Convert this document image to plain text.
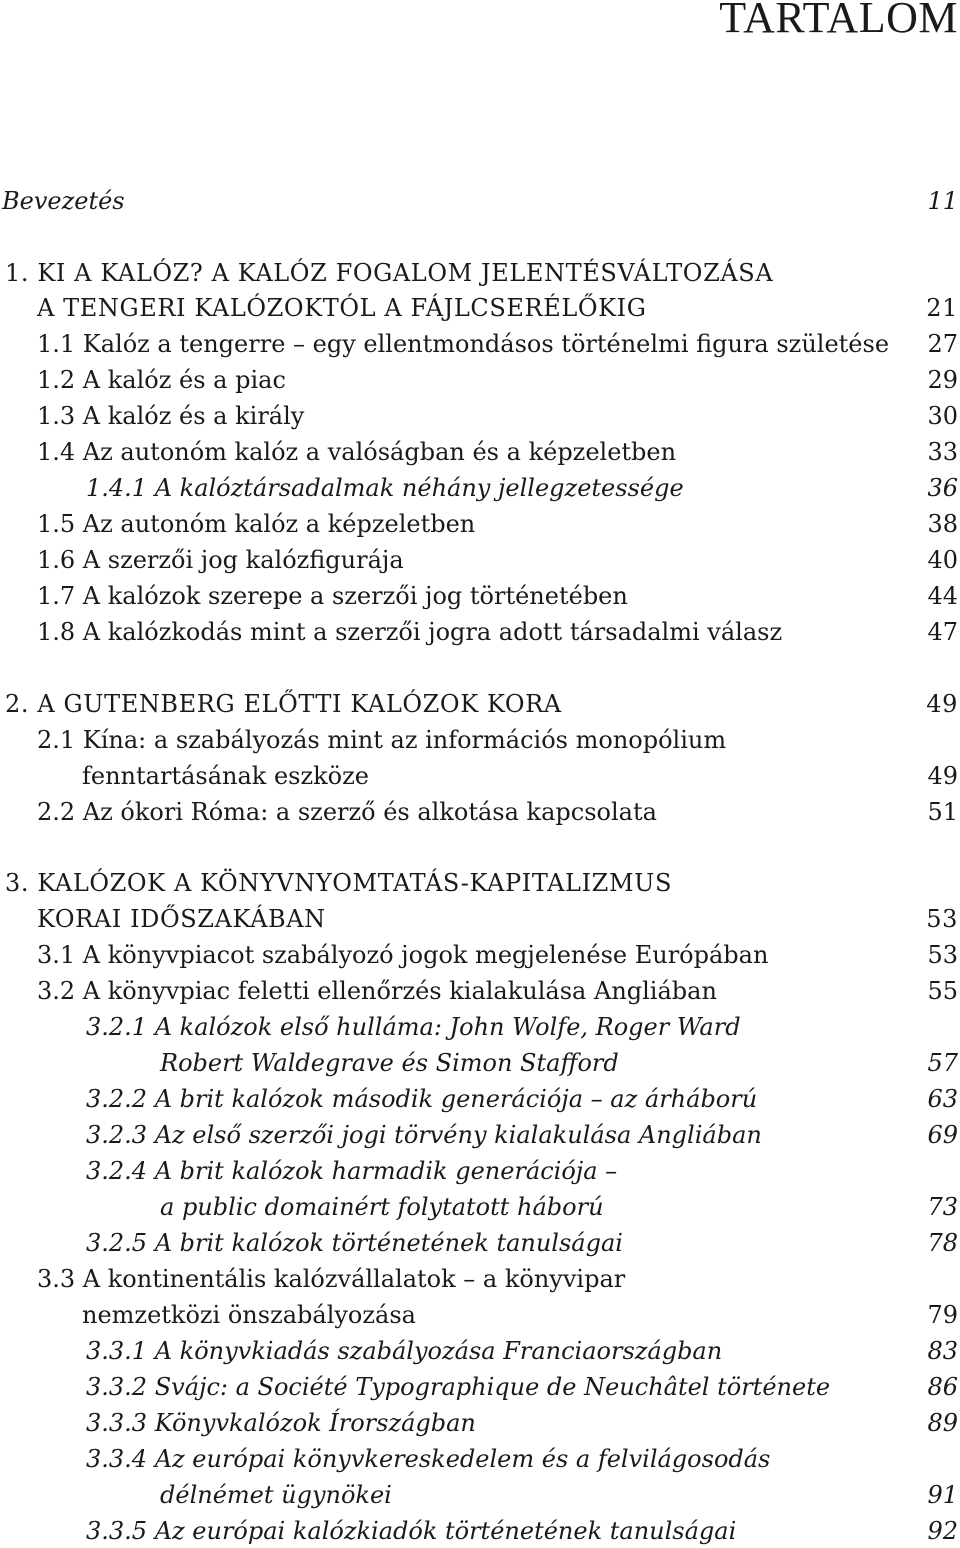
TARTALOM
Bevezetés	11
1. KI A KALÓZ? A KALÓZ FOGALOM JELENTÉSVÁLTOZÁSA
A TENGERI KALÓZOKTÓL A FÁJLCSERÉLŐKIG	21
1.1 Kalóz a tengerre – egy ellentmondásos történelmi figura születése 27
1.2 A kalóz és a piac	29
1.3 A kalóz és a király	30
1.4 Az autonóm kalóz a valóságban és a képzeletben	33
1.4.1 A kalóztársadalmak néhány jellegzetessége	36
1.5 Az autonóm kalóz a képzeletben	38
1.6 A szerzői jog kalózfigurája	40
1.7 A kalózok szerepe a szerzői jog történetében	44
1.8 A kalózkodás mint a szerzői jogra adott társadalmi válasz	47
2. A GUTENBERG ELŐTTI KALÓZOK KORA	49
2.1 Kína: a szabályozás mint az információs monopólium
fenntartásának eszköze	49
2.2 Az ókori Róma: a szerző és alkotása kapcsolata	51
3. KALÓZOK A KÖNYVNYOMTATÁS-KAPITALIZMUS
KORAI IDŐSZAKÁBAN	53
3.1 A könyvpiacot szabályozó jogok megjelenése Európában	53
3.2 A könyvpiac feletti ellenőrzés kialakulása Angliában	55
3.2.1 A kalózok első hulláma: John Wolfe, Roger Ward
Robert Waldegrave és Simon Stafford	57
3.2.2 A brit kalózok második generációja – az árháború	63
3.2.3 Az első szerzői jogi törvény kialakulása Angliában	69
3.2.4 A brit kalózok harmadik generációja –
a public domainért folytatott háború	73
3.2.5 A brit kalózok történetének tanulságai	78
3.3 A kontinentális kalózvállalatok – a könyvipar
nemzetközi önszabályozása	79
3.3.1 A könyvkiadás szabályozása Franciaországban	83
3.3.2 Svájc: a Société Typographique de Neuchâtel története	86
3.3.3 Könyvkalózok Írországban	89
3.3.4 Az európai könyvkereskedelem és a felvilágosodás
délnémet ügynökei	91
3.3.5 Az európai kalózkiadók történetének tanulságai	92
